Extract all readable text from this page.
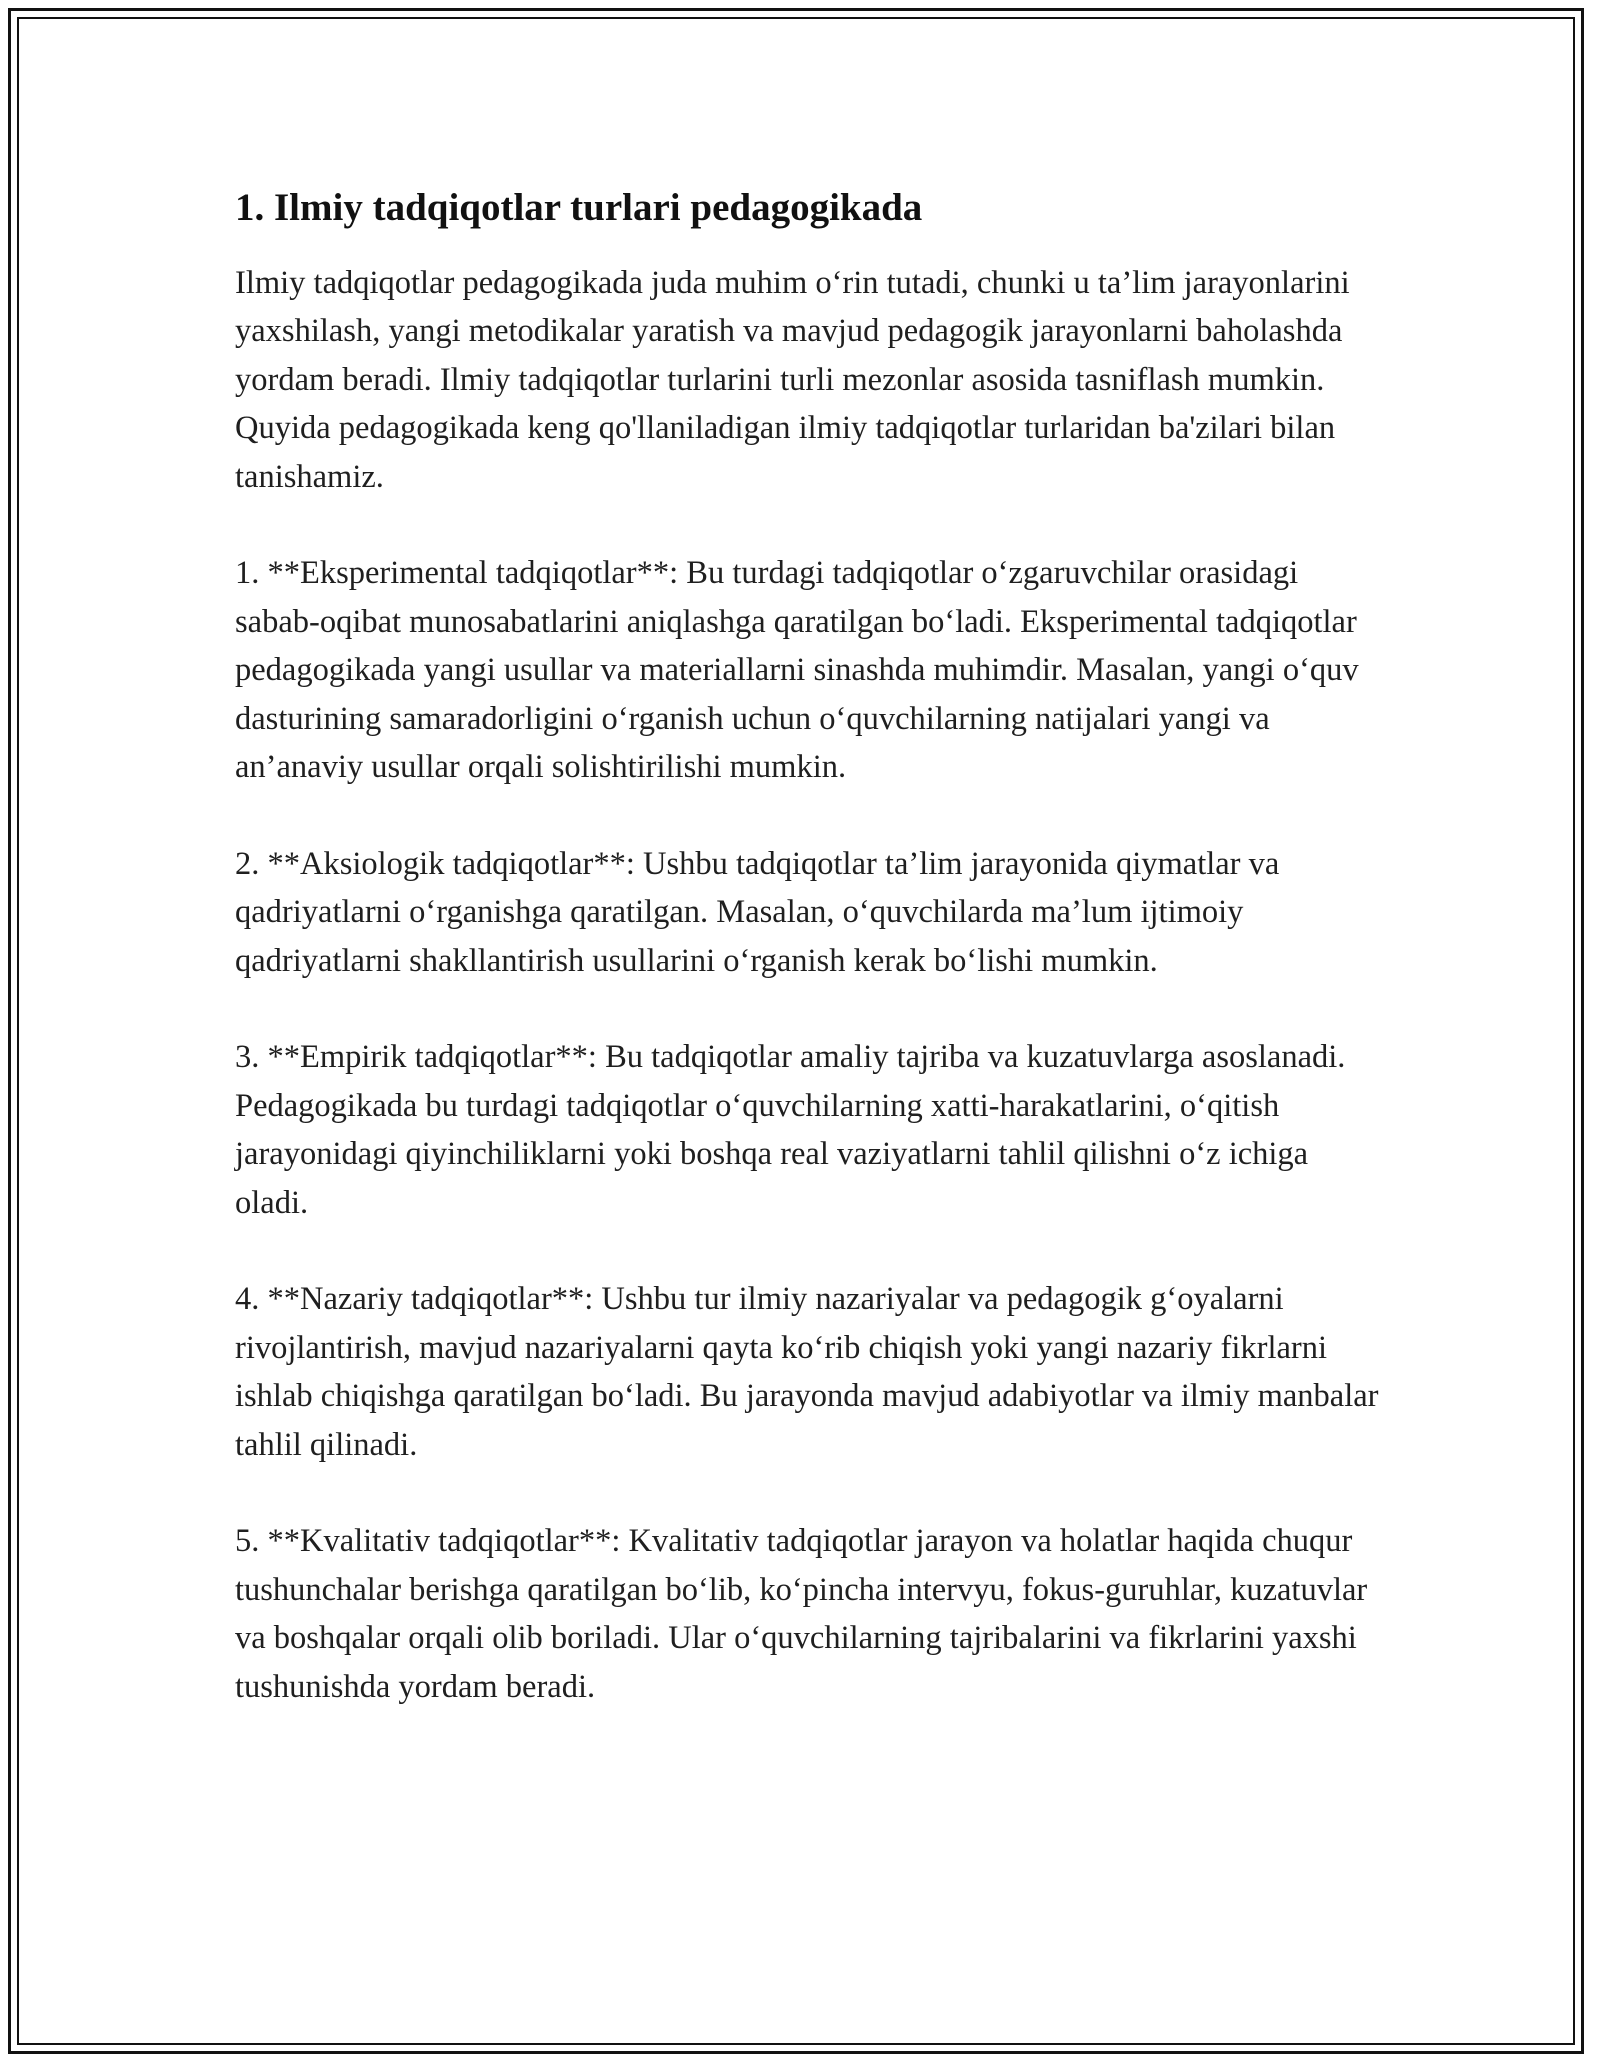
1. Ilmiy tadqiqotlar turlari pedagogikada

Ilmiy tadqiqotlar pedagogikada juda muhim o‘rin tutadi, chunki u ta’lim jarayonlarini yaxshilash, yangi metodikalar yaratish va mavjud pedagogik jarayonlarni baholashda yordam beradi. Ilmiy tadqiqotlar turlarini turli mezonlar asosida tasniflash mumkin. Quyida pedagogikada keng qo'llaniladigan ilmiy tadqiqotlar turlaridan ba'zilari bilan tanishamiz.

1. **Eksperimental tadqiqotlar**: Bu turdagi tadqiqotlar o‘zgaruvchilar orasidagi sabab-oqibat munosabatlarini aniqlashga qaratilgan bo‘ladi. Eksperimental tadqiqotlar pedagogikada yangi usullar va materiallarni sinashda muhimdir. Masalan, yangi o‘quv dasturining samaradorligini o‘rganish uchun o‘quvchilarning natijalari yangi va an’anaviy usullar orqali solishtirilishi mumkin.

2. **Aksiologik tadqiqotlar**: Ushbu tadqiqotlar ta’lim jarayonida qiymatlar va qadriyatlarni o‘rganishga qaratilgan. Masalan, o‘quvchilarda ma’lum ijtimoiy qadriyatlarni shakllantirish usullarini o‘rganish kerak bo‘lishi mumkin.

3. **Empirik tadqiqotlar**: Bu tadqiqotlar amaliy tajriba va kuzatuvlarga asoslanadi. Pedagogikada bu turdagi tadqiqotlar o‘quvchilarning xatti-harakatlarini, o‘qitish jarayonidagi qiyinchiliklarni yoki boshqa real vaziyatlarni tahlil qilishni o‘z ichiga oladi.

4. **Nazariy tadqiqotlar**: Ushbu tur ilmiy nazariyalar va pedagogik g‘oyalarni rivojlantirish, mavjud nazariyalarni qayta ko‘rib chiqish yoki yangi nazariy fikrlarni ishlab chiqishga qaratilgan bo‘ladi. Bu jarayonda mavjud adabiyotlar va ilmiy manbalar tahlil qilinadi.

5. **Kvalitativ tadqiqotlar**: Kvalitativ tadqiqotlar jarayon va holatlar haqida chuqur tushunchalar berishga qaratilgan bo‘lib, ko‘pincha intervyu, fokus-guruhlar, kuzatuvlar va boshqalar orqali olib boriladi. Ular o‘quvchilarning tajribalarini va fikrlarini yaxshi tushunishda yordam beradi.
